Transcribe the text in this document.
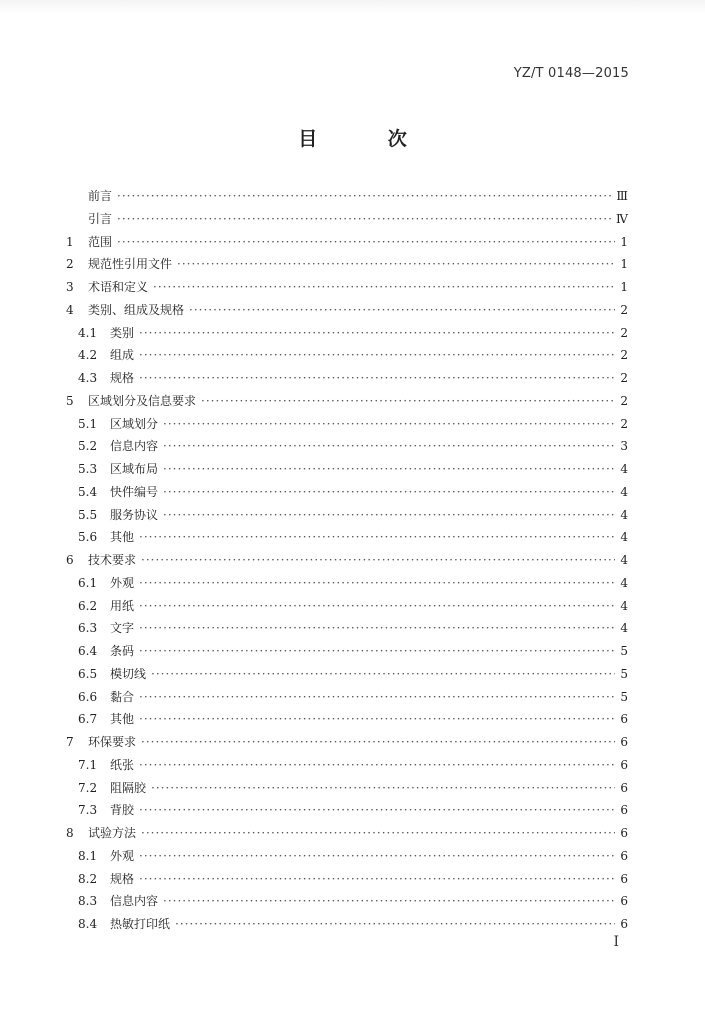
YZ/T 0148—2015
目 次
前言 ·····	Ⅲ
引言 ·····	Ⅳ
1	范围 ·····	1
2	规范性引用文件 ·····	1
3	术语和定义 ·····	1
4	类别、组成及规格 ·····	2
4.1	类别 ·····	2
4.2	组成 ·····	2
4.3	规格 ·····	2
5	区域划分及信息要求 ·····	2
5.1	区域划分 ·····	2
5.2	信息内容 ·····	3
5.3	区域布局 ·····	4
5.4	快件编号 ·····	4
5.5	服务协议 ·····	4
5.6	其他 ·····	4
6	技术要求 ·····	4
6.1	外观 ·····	4
6.2	用纸 ·····	4
6.3	文字 ·····	4
6.4	条码 ·····	5
6.5	模切线 ·····	5
6.6	黏合 ·····	5
6.7	其他 ·····	6
7	环保要求 ·····	6
7.1	纸张 ·····	6
7.2	阻隔胶 ·····	6
7.3	背胶 ·····	6
8	试验方法 ·····	6
8.1	外观 ·····	6
8.2	规格 ·····	6
8.3	信息内容 ·····	6
8.4	热敏打印纸 ·····	6
I
